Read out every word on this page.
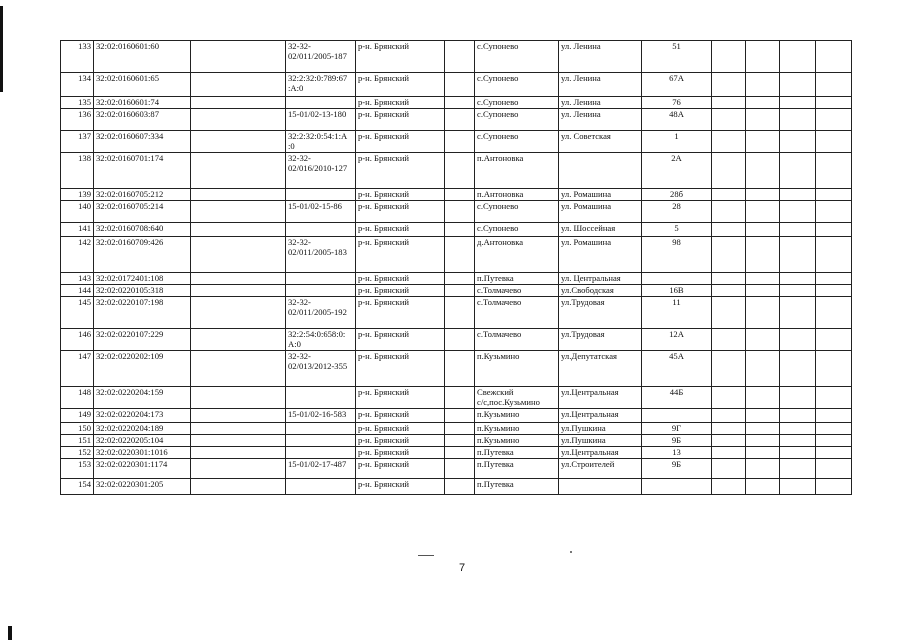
133	32:02:0160601:60		32-32-
02/011/2005-187	р-н. Брянский		с.Супонево	ул. Ленина	51				
134	32:02:0160601:65		32:2:32:0:789:67
:А:0	р-н. Брянский		с.Супонево	ул. Ленина	67А				
135	32:02:0160601:74			р-н. Брянский		с.Супонево	ул. Ленина	76				
136	32:02:0160603:87		15-01/02-13-180	р-н. Брянский		с.Супонево	ул. Ленина	48А				
137	32:02:0160607:334		32:2:32:0:54:1:А
:0	р-н. Брянский		с.Супонево	ул. Советская	1				
138	32:02:0160701:174		32-32-
02/016/2010-127	р-н. Брянский		п.Антоновка		2А				
139	32:02:0160705:212			р-н. Брянский		п.Антоновка	ул. Ромашина	28б				
140	32:02:0160705:214		15-01/02-15-86	р-н. Брянский		с.Супонево	ул. Ромашина	28				
141	32:02:0160708:640			р-н. Брянский		с.Супонево	ул. Шоссейная	5				
142	32:02:0160709:426		32-32-
02/011/2005-183	р-н. Брянский		д.Антоновка	ул. Ромашина	98				
143	32:02:0172401:108			р-н. Брянский		п.Путевка	ул. Центральная					
144	32:02:0220105:318			р-н. Брянский		с.Толмачево	ул.Свободская	16В				
145	32:02:0220107:198		32-32-
02/011/2005-192	р-н. Брянский		с.Толмачево	ул.Трудовая	11				
146	32:02:0220107:229		32:2:54:0:658:0:
А:0	р-н. Брянский		с.Толмачево	ул.Трудовая	12А				
147	32:02:0220202:109		32-32-
02/013/2012-355	р-н. Брянский		п.Кузьмино	ул.Депутатская	45А				
148	32:02:0220204:159			р-н. Брянский		Свежский
с/с,пос.Кузьмино	ул.Центральная	44Б				
149	32:02:0220204:173		15-01/02-16-583	р-н. Брянский		п.Кузьмино	ул.Центральная					
150	32:02:0220204:189			р-н. Брянский		п.Кузьмино	ул.Пушкина	9Г				
151	32:02:0220205:104			р-н. Брянский		п.Кузьмино	ул.Пушкина	9Б				
152	32:02:0220301:1016			р-н. Брянский		п.Путевка	ул.Центральная	13				
153	32:02:0220301:1174		15-01/02-17-487	р-н. Брянский		п.Путевка	ул.Строителей	9Б				
154	32:02:0220301:205			р-н. Брянский		п.Путевка						
7
